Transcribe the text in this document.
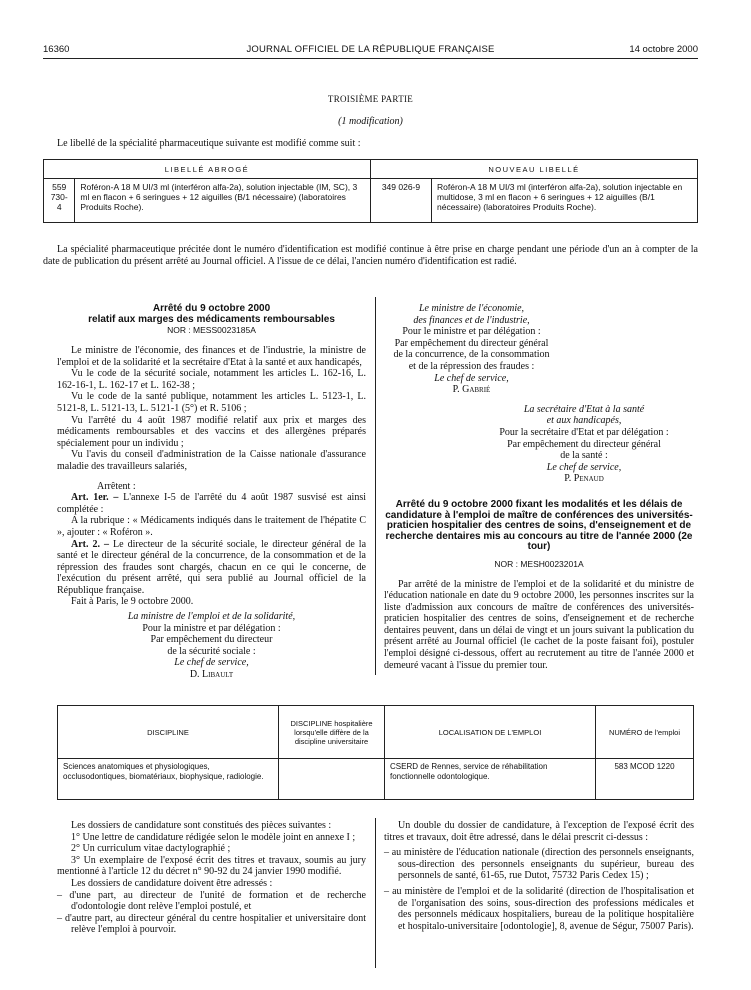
16360	JOURNAL OFFICIEL DE LA RÉPUBLIQUE FRANÇAISE	14 octobre 2000
TROISIÈME PARTIE
(1 modification)
Le libellé de la spécialité pharmaceutique suivante est modifié comme suit :
LIBELLÉ ABROGÉ		NOUVEAU LIBELLÉ	
559 730-4	Roféron-A 18 M UI/3 ml (interféron alfa-2a), solution injectable (IM, SC), 3 ml en flacon + 6 seringues + 12 aiguilles (B/1 nécessaire) (laboratoires Produits Roche).	349 026-9	Roféron-A 18 M UI/3 ml (interféron alfa-2a), solution injectable en multidose, 3 ml en flacon + 6 seringues + 12 aiguilles (B/1 nécessaire) (laboratoires Produits Roche).
La spécialité pharmaceutique précitée dont le numéro d'identification est modifié continue à être prise en charge pendant une période d'un an à compter de la date de publication du présent arrêté au Journal officiel. A l'issue de ce délai, l'ancien numéro d'identification est radié.
Arrêté du 9 octobre 2000
relatif aux marges des médicaments remboursables
NOR : MESS0023185A

Le ministre de l'économie, des finances et de l'industrie, la ministre de l'emploi et de la solidarité et la secrétaire d'Etat à la santé et aux handicapés,

Vu le code de la sécurité sociale, notamment les articles L. 162-16, L. 162-16-1, L. 162-17 et L. 162-38 ;

Vu le code de la santé publique, notamment les articles L. 5123-1, L. 5121-8, L. 5121-13, L. 5121-1 (5°) et R. 5106 ;

Vu l'arrêté du 4 août 1987 modifié relatif aux prix et marges des médicaments remboursables et des vaccins et des allergènes préparés spécialement pour un individu ;

Vu l'avis du conseil d'administration de la Caisse nationale d'assurance maladie des travailleurs salariés,

Arrêtent :

Art. 1er. – L'annexe I-5 de l'arrêté du 4 août 1987 susvisé est ainsi complétée :

A la rubrique : « Médicaments indiqués dans le traitement de l'hépatite C », ajouter : « Roféron ».

Art. 2. – Le directeur de la sécurité sociale, le directeur général de la santé et le directeur général de la concurrence, de la consommation et de la répression des fraudes sont chargés, chacun en ce qui le concerne, de l'exécution du présent arrêté, qui sera publié au Journal officiel de la République française.

Fait à Paris, le 9 octobre 2000.

La ministre de l'emploi et de la solidarité,
Pour la ministre et par délégation :
Par empêchement du directeur
de la sécurité sociale :
Le chef de service,
D. Libault
Le ministre de l'économie,
des finances et de l'industrie,
Pour le ministre et par délégation :
Par empêchement du directeur général
de la concurrence, de la consommation
et de la répression des fraudes :
Le chef de service,
P. Gabrié
La secrétaire d'Etat à la santé
et aux handicapés,
Pour la secrétaire d'Etat et par délégation :
Par empêchement du directeur général
de la santé :
Le chef de service,
P. Penaud
Arrêté du 9 octobre 2000 fixant les modalités et les délais de candidature à l'emploi de maître de conférences des universités-praticien hospitalier des centres de soins, d'enseignement et de recherche dentaires mis au concours au titre de l'année 2000 (2e tour)
NOR : MESH0023201A

Par arrêté de la ministre de l'emploi et de la solidarité et du ministre de l'éducation nationale en date du 9 octobre 2000, les personnes inscrites sur la liste d'admission aux concours de maître de conférences des universités-praticien hospitalier des centres de soins, d'enseignement et de recherche dentaires peuvent, dans un délai de vingt et un jours suivant la publication du présent arrêté au Journal officiel (le cachet de la poste faisant foi), postuler l'emploi désigné ci-dessous, offert au recrutement au titre de l'année 2000 et demeuré vacant à l'issue du premier tour.

DISCIPLINE	DISCIPLINE hospitalière lorsqu'elle diffère de la discipline universitaire	LOCALISATION DE L'EMPLOI	NUMÉRO de l'emploi
Sciences anatomiques et physiologiques, occlusodontiques, biomatériaux, biophysique, radiologie.		CSERD de Rennes, service de réhabilitation fonctionnelle odontologique.	583 MCOD 1220

Les dossiers de candidature sont constitués des pièces suivantes :

1° Une lettre de candidature rédigée selon le modèle joint en annexe I ;

2° Un curriculum vitae dactylographié ;

3° Un exemplaire de l'exposé écrit des titres et travaux, soumis au jury mentionné à l'article 12 du décret n° 90-92 du 24 janvier 1990 modifié.

Les dossiers de candidature doivent être adressés :

– d'une part, au directeur de l'unité de formation et de recherche d'odontologie dont relève l'emploi postulé, et

– d'autre part, au directeur général du centre hospitalier et universitaire dont relève l'emploi à pourvoir.

Un double du dossier de candidature, à l'exception de l'exposé écrit des titres et travaux, doit être adressé, dans le délai prescrit ci-dessus :

– au ministère de l'éducation nationale (direction des personnels enseignants, sous-direction des personnels enseignants du supérieur, bureau des personnels de santé, 61-65, rue Dutot, 75732 Paris Cedex 15) ;

– au ministère de l'emploi et de la solidarité (direction de l'hospitalisation et de l'organisation des soins, sous-direction des professions médicales et des personnels médicaux hospitaliers, bureau de la politique hospitalière et hospitalo-universitaire [odontologie], 8, avenue de Ségur, 75007 Paris).
